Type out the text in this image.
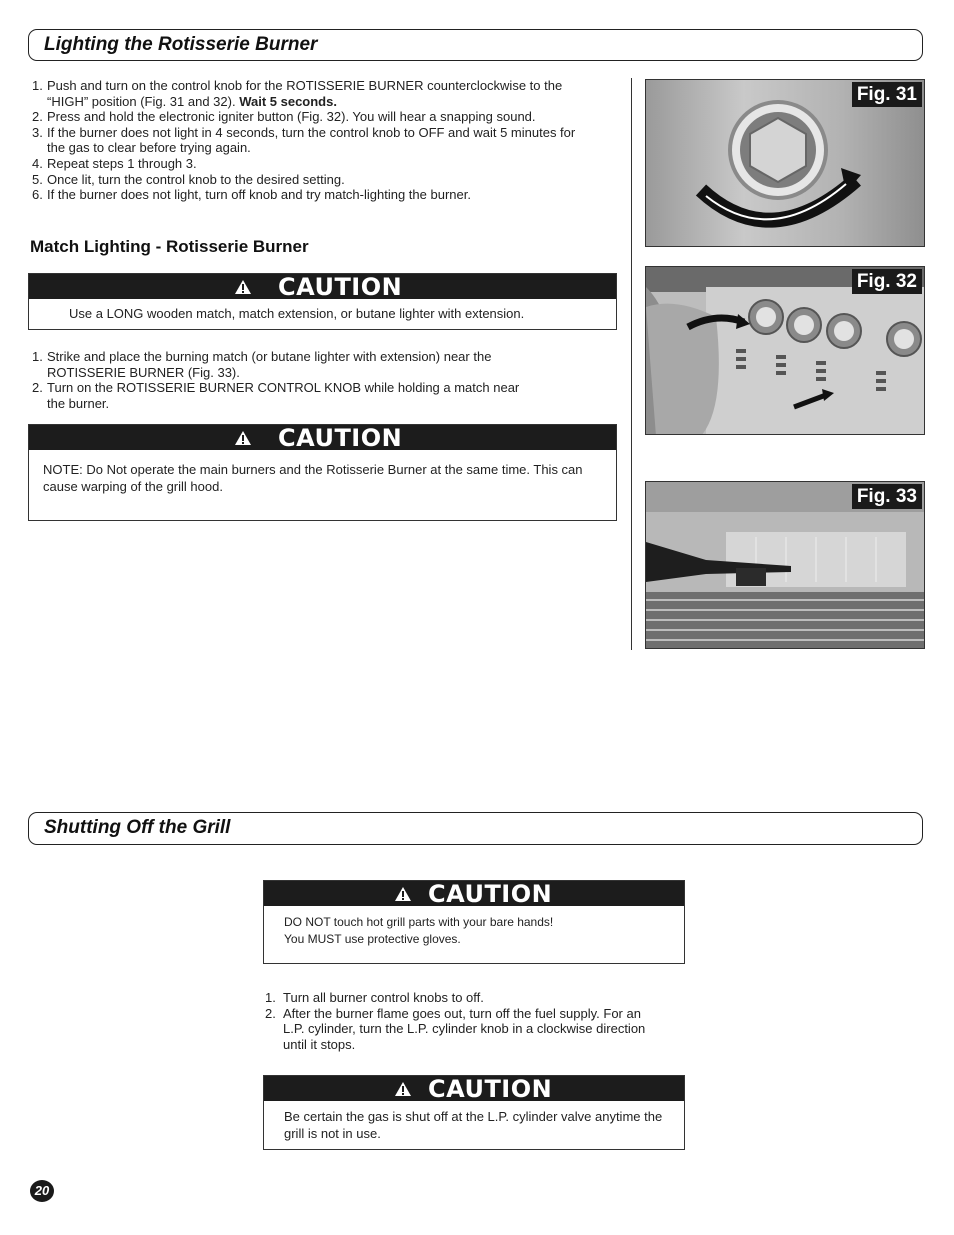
Lighting the Rotisserie Burner
1. Push and turn on the control knob for the ROTISSERIE BURNER counterclockwise to the
“HIGH” position (Fig. 31 and 32). Wait 5 seconds.
2. Press and hold the electronic igniter button (Fig. 32). You will hear a snapping sound.
3. If the burner does not light in 4 seconds, turn the control knob to OFF and wait 5 minutes for
the gas to clear before trying again.
4. Repeat steps 1 through 3.
5. Once lit, turn the control knob to the desired setting.
6. If the burner does not light, turn off knob and try match-lighting the burner.
Match Lighting - Rotisserie Burner
CAUTION
Use a LONG wooden match, match extension, or butane lighter with extension.
1. Strike and place the burning match (or butane lighter with extension) near the
ROTISSERIE BURNER (Fig. 33).
2. Turn on the ROTISSERIE BURNER CONTROL KNOB while holding a match near
the burner.
CAUTION
NOTE: Do Not operate the main burners and the Rotisserie Burner at the same time. This can cause warping of the grill hood.
Fig. 31
Fig. 32
Fig. 33
Shutting Off the Grill
CAUTION
DO NOT touch hot grill parts with your bare hands!
You MUST use protective gloves.
1. Turn all burner control knobs to off.
2. After the burner flame goes out, turn off the fuel supply. For an
L.P. cylinder, turn the L.P. cylinder knob in a clockwise direction
until it stops.
CAUTION
Be certain the gas is shut off at the L.P. cylinder valve anytime the grill is not in use.
20
